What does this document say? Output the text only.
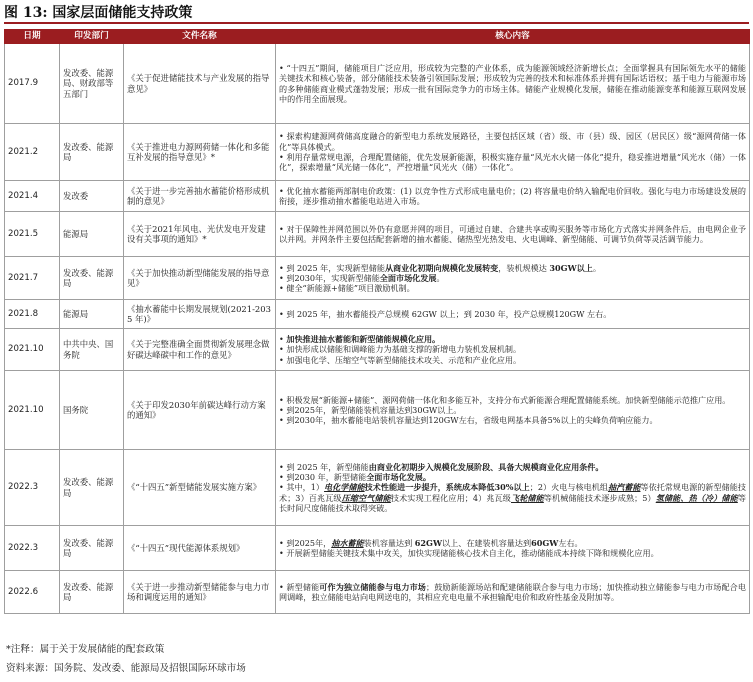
图 13: 国家层面储能支持政策
日期	印发部门	文件名称	核心内容
2017.9	发改委、能源局、财政部等五部门	《关于促进储能技术与产业发展的指导意见》	• “十四五”期间，储能项目广泛应用，形成较为完整的产业体系，成为能源领域经济新增长点；全面掌握具有国际领先水平的储能关键技术和核心装备，部分储能技术装备引领国际发展；形成较为完善的技术和标准体系并拥有国际话语权；基于电力与能源市场的多种储能商业模式蓬勃发展；形成一批有国际竞争力的市场主体。储能产业规模化发展，储能在推动能源变革和能源互联网发展中的作用全面展现。

2021.2	发改委、能源局	《关于推进电力源网荷储一体化和多能互补发展的指导意见》*	• 探索构建源网荷储高度融合的新型电力系统发展路径，主要包括区域（省）级、市（县）级、园区（居民区）级“源网荷储一体化”等具体模式。
• 利用存量常规电源，合理配置储能，优先发展新能源，积极实施存量“风光水火储一体化”提升，稳妥推进增量“风光水（储）一体化”，探索增量“风光储一体化”，严控增量“风光火（储）一体化”。

2021.4	发改委	《关于进一步完善抽水蓄能价格形成机制的意见》	• 优化抽水蓄能两部制电价政策：(1) 以竞争性方式形成电量电价；(2) 将容量电价纳入输配电价回收。强化与电力市场建设发展的衔接，逐步推动抽水蓄能电站进入市场。

2021.5	能源局	《关于2021年风电、光伏发电开发建设有关事项的通知》*	• 对于保障性并网范围以外仍有意愿并网的项目，可通过自建、合建共享或购买服务等市场化方式落实并网条件后，由电网企业予以并网。并网条件主要包括配套新增的抽水蓄能、储热型光热发电、火电调峰、新型储能、可调节负荷等灵活调节能力。

2021.7	发改委、能源局	《关于加快推动新型储能发展的指导意见》	• 到 2025 年，实现新型储能从商业化初期向规模化发展转变，装机规模达 30GW以上。
• 到2030年，实现新型储能全面市场化发展。
• 健全“新能源+储能”项目激励机制。

2021.8	能源局	《抽水蓄能中长期发展规划(2021-2035 年)》	• 到 2025 年，抽水蓄能投产总规模 62GW 以上；到 2030 年，投产总规模120GW 左右。

2021.10	中共中央、国务院	《关于完整准确全面贯彻新发展理念做好碳达峰碳中和工作的意见》	• 加快推进抽水蓄能和新型储能规模化应用。
• 加快形成以储能和调峰能力为基础支撑的新增电力装机发展机制。
• 加强电化学、压缩空气等新型储能技术攻关、示范和产业化应用。

2021.10	国务院	《关于印发2030年前碳达峰行动方案的通知》	• 积极发展“新能源+储能”、源网荷储一体化和多能互补，支持分布式新能源合理配置储能系统。加快新型储能示范推广应用。
• 到2025年，新型储能装机容量达到30GW以上。
• 到2030年，抽水蓄能电站装机容量达到120GW左右，省级电网基本具备5%以上的尖峰负荷响应能力。

2022.3	发改委、能源局	《“十四五”新型储能发展实施方案》	• 到 2025 年，新型储能由商业化初期步入规模化发展阶段、具备大规模商业化应用条件。
• 到2030 年，新型储能全面市场化发展。
• 其中，1）电化学储能技术性能进一步提升，系统成本降低30%以上；2）火电与核电机组抽汽蓄能等依托常规电源的新型储能技术；3）百兆瓦级压缩空气储能技术实现工程化应用；4）兆瓦级飞轮储能等机械储能技术逐步成熟；5）氢储能、热（冷）储能等长时间尺度储能技术取得突破。

2022.3	发改委、能源局	《“十四五”现代能源体系规划》	• 到2025年，抽水蓄能装机容量达到 62GW以上、在建装机容量达到60GW左右。
• 开展新型储能关键技术集中攻关，加快实现储能核心技术自主化，推动储能成本持续下降和规模化应用。

2022.6	发改委、能源局	《关于进一步推动新型储能参与电力市场和调度运用的通知》	• 新型储能可作为独立储能参与电力市场；鼓励新能源场站和配建储能联合参与电力市场；加快推动独立储能参与电力市场配合电网调峰，独立储能电站向电网送电的，其相应充电电量不承担输配电价和政府性基金及附加等。
*注释：属于关于发展储能的配套政策
资料来源：国务院、发改委、能源局及招银国际环球市场
